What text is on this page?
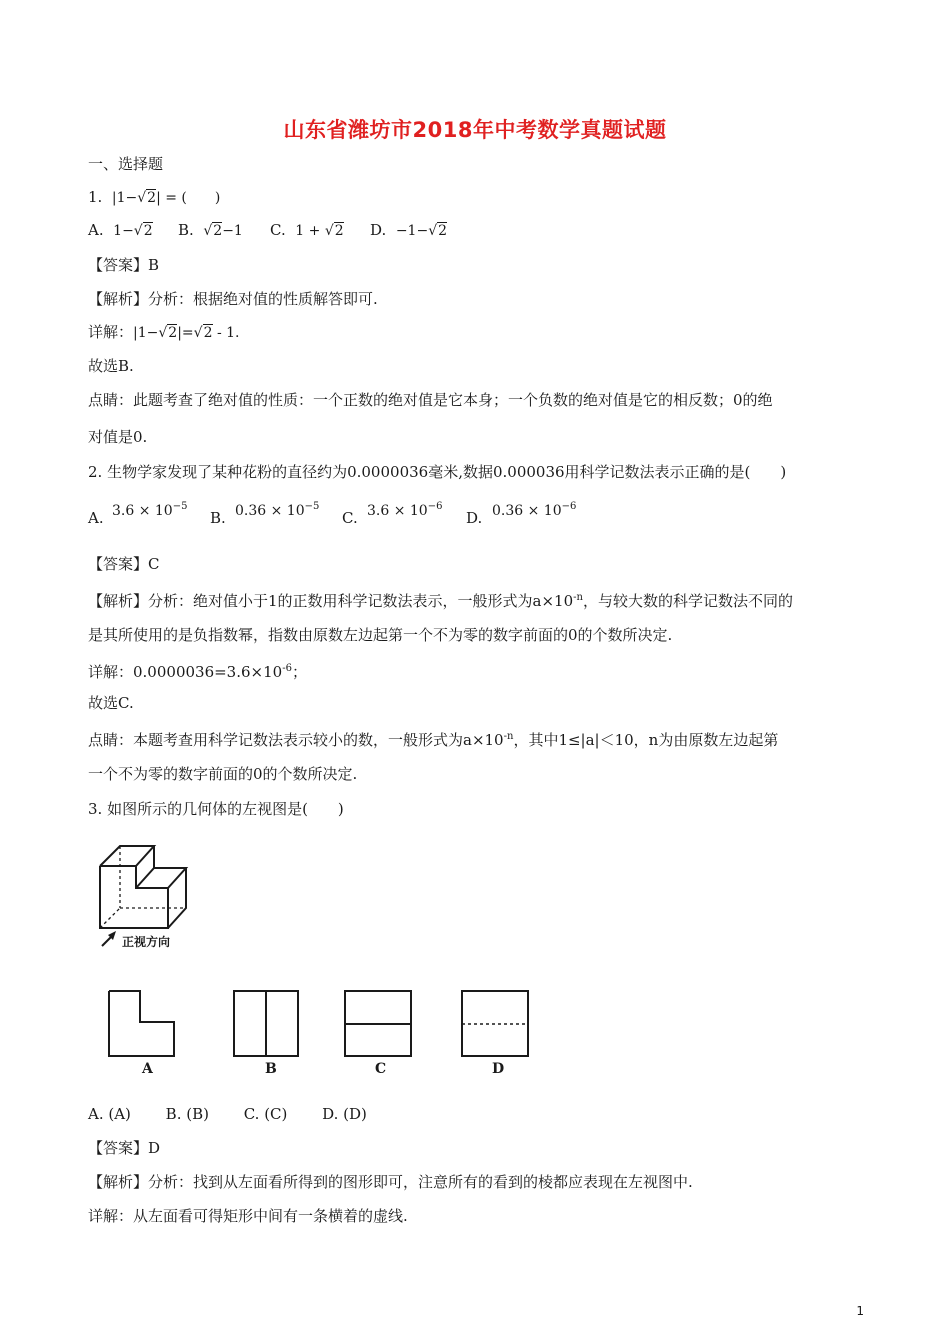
山东省潍坊市2018年中考数学真题试题
一、选择题
1. |1−√2| = (　　)
A. 1−√2 B. √2−1 C. 1 + √2 D. −1−√2
【答案】B
【解析】分析：根据绝对值的性质解答即可.
详解：|1−√2|=√2 - 1.
故选B.
点睛：此题考查了绝对值的性质：一个正数的绝对值是它本身；一个负数的绝对值是它的相反数；0的绝
对值是0.
2. 生物学家发现了某种花粉的直径约为0.0000036毫米,数据0.000036用科学记数法表示正确的是(　　)
A. $3.6 \times 10^{-5}$
B. $0.36 \times 10^{-5}$
C. $3.6 \times 10^{-6}$
D. $0.36 \times 10^{-6}$
【答案】C
【解析】分析：绝对值小于1的正数用科学记数法表示，一般形式为$a\times 10^{-n}$，与较大数的科学记数法不同的
是其所使用的是负指数幂，指数由原数左边起第一个不为零的数字前面的0的个数所决定.
详解：$0.0000036=3.6\times 10^{-6}$；
故选C.
点睛：本题考查用科学记数法表示较小的数，一般形式为$a\times 10^{-n}$，其中1≤|a|＜10，n为由原数左边起第
一个不为零的数字前面的0的个数所决定.
3. 如图所示的几何体的左视图是(　　)
正视方向
A	B	C	D
A. (A)　　 B. (B)　　 C. (C)　　 D. (D)
【答案】D
【解析】分析：找到从左面看所得到的图形即可，注意所有的看到的棱都应表现在左视图中.
详解：从左面看可得矩形中间有一条横着的虚线.
1
